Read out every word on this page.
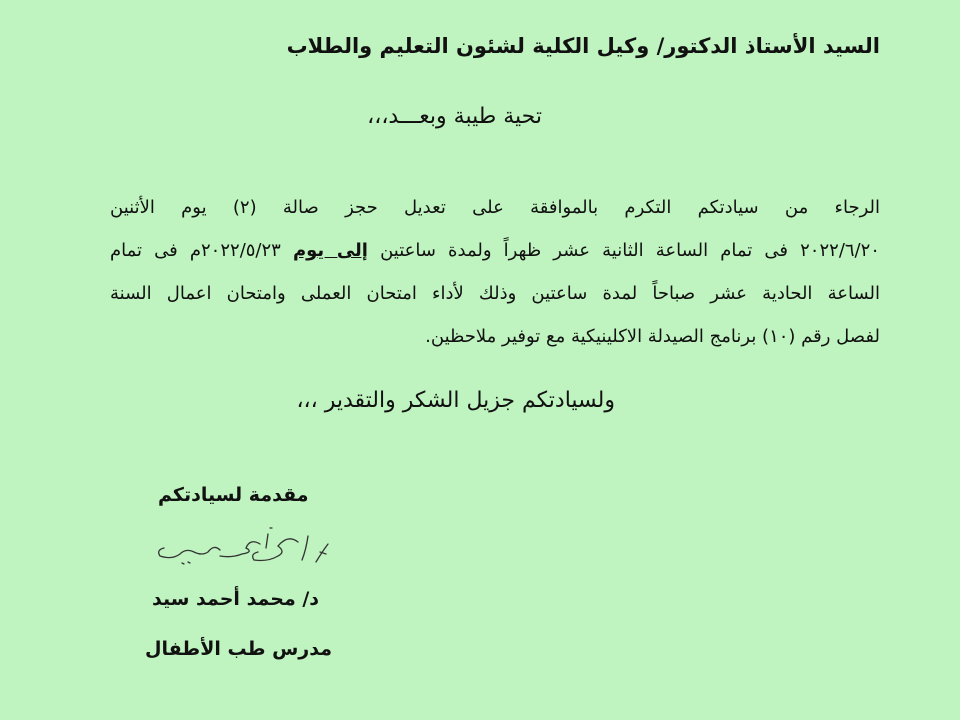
السيد الأستاذ الدكتور/ وكيل الكلية لشئون التعليم والطلاب
تحية طيبة وبعـــد،،،
الرجاء من سيادتكم التكرم بالموافقة على تعديل حجز صالة (٢) يوم الأثنين
٢٠٢٢/٦/٢٠ فى تمام الساعة الثانية عشر ظهراً ولمدة ساعتين إلى يوم ٢٠٢٢/٥/٢٣م فى تمام
الساعة الحادية عشر صباحاً لمدة ساعتين وذلك لأداء امتحان العملى وامتحان اعمال السنة
لفصل رقم (١٠) برنامج الصيدلة الاكلينيكية مع توفير ملاحظين.
ولسيادتكم جزيل الشكر والتقدير ،،،
مقدمة لسيادتكم
د/ محمد أحمد سيد
مدرس طب الأطفال
